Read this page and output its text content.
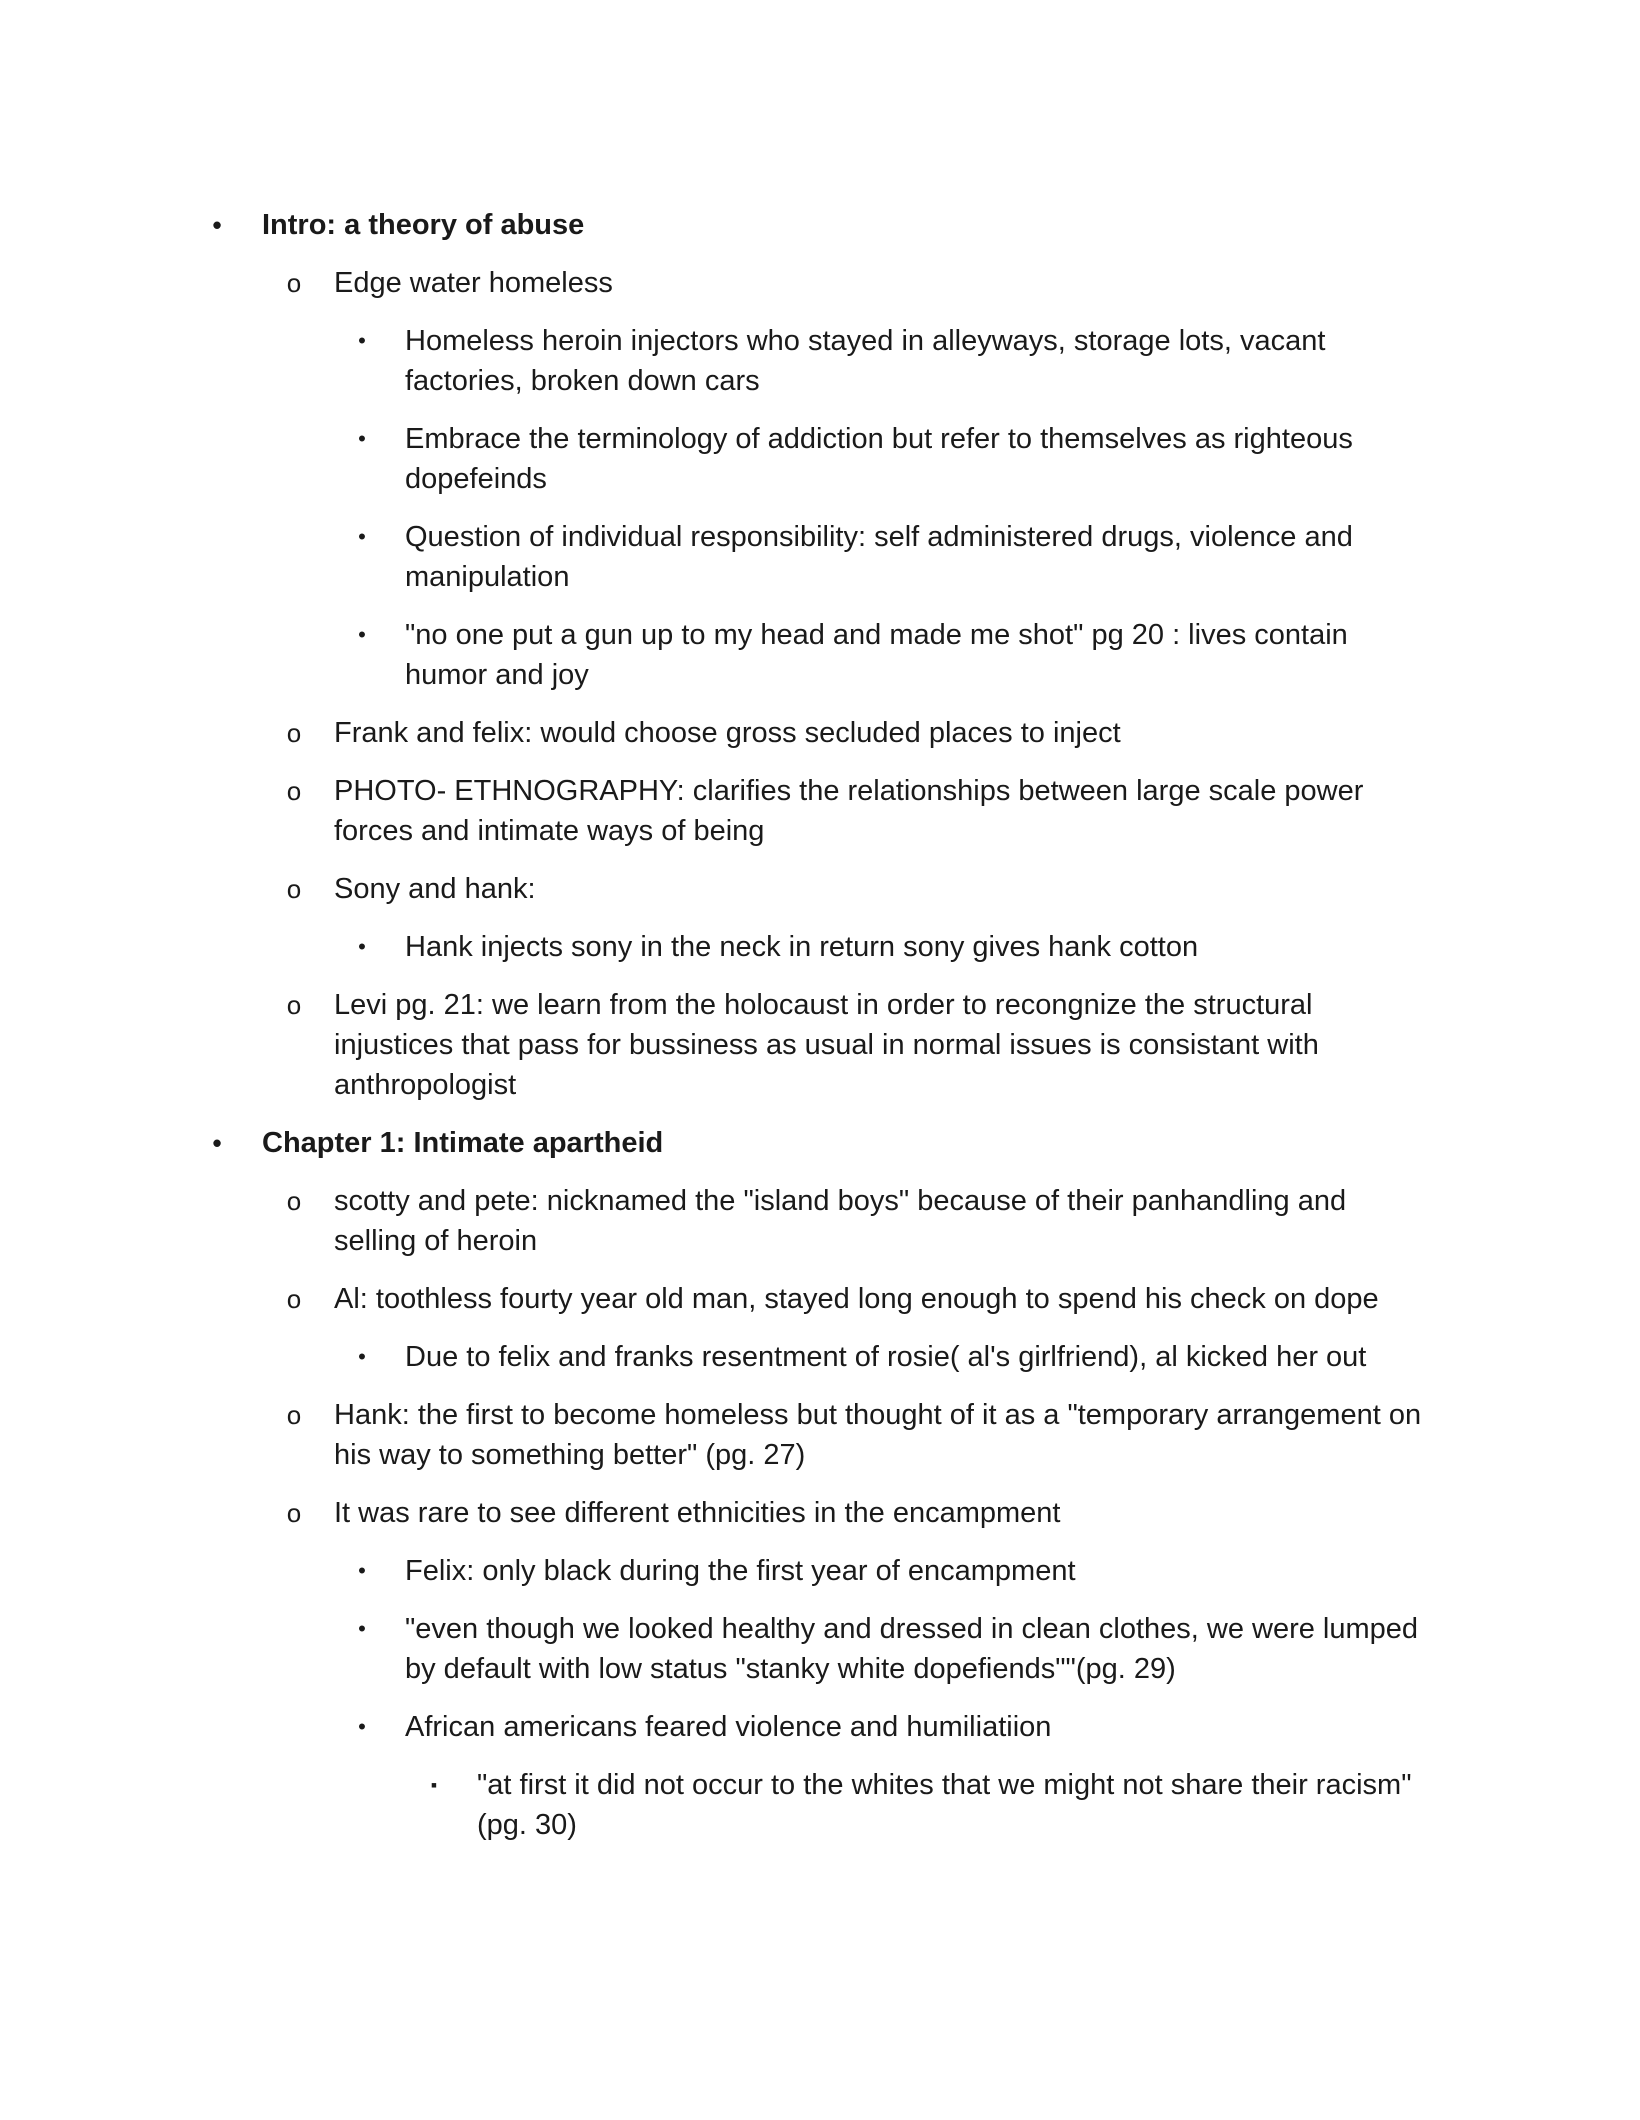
• Intro: a theory of abuse
o Edge water homeless
• Homeless heroin injectors who stayed in alleyways, storage lots, vacant factories, broken down cars
• Embrace the terminology of addiction but refer to themselves as righteous dopefeinds
• Question of individual responsibility: self administered drugs, violence and manipulation
• "no one put a gun up to my head and made me shot" pg 20 : lives contain humor and joy
o Frank and felix: would choose gross secluded places to inject
o PHOTO- ETHNOGRAPHY: clarifies the relationships between large scale power forces and intimate ways of being
o Sony and hank:
• Hank injects sony in the neck in return sony gives hank cotton
o Levi pg. 21: we learn from the holocaust in order to recongnize the structural injustices that pass for bussiness as usual in normal issues is consistant with anthropologist
• Chapter 1: Intimate apartheid
o scotty and pete: nicknamed the "island boys" because of their panhandling and selling of heroin
o Al: toothless fourty year old man, stayed long enough to spend his check on dope
• Due to felix and franks resentment of rosie( al's girlfriend), al kicked her out
o Hank: the first to become homeless but thought of it as a "temporary arrangement on his way to something better" (pg. 27)
o It was rare to see different ethnicities in the encampment
• Felix: only black during the first year of encampment
• "even though we looked healthy and dressed in clean clothes, we were lumped by default with low status "stanky white dopefiends""(pg. 29)
• African americans feared violence and humiliatiion
▪	"at first it did not occur to the whites that we might not share their racism" (pg. 30)
